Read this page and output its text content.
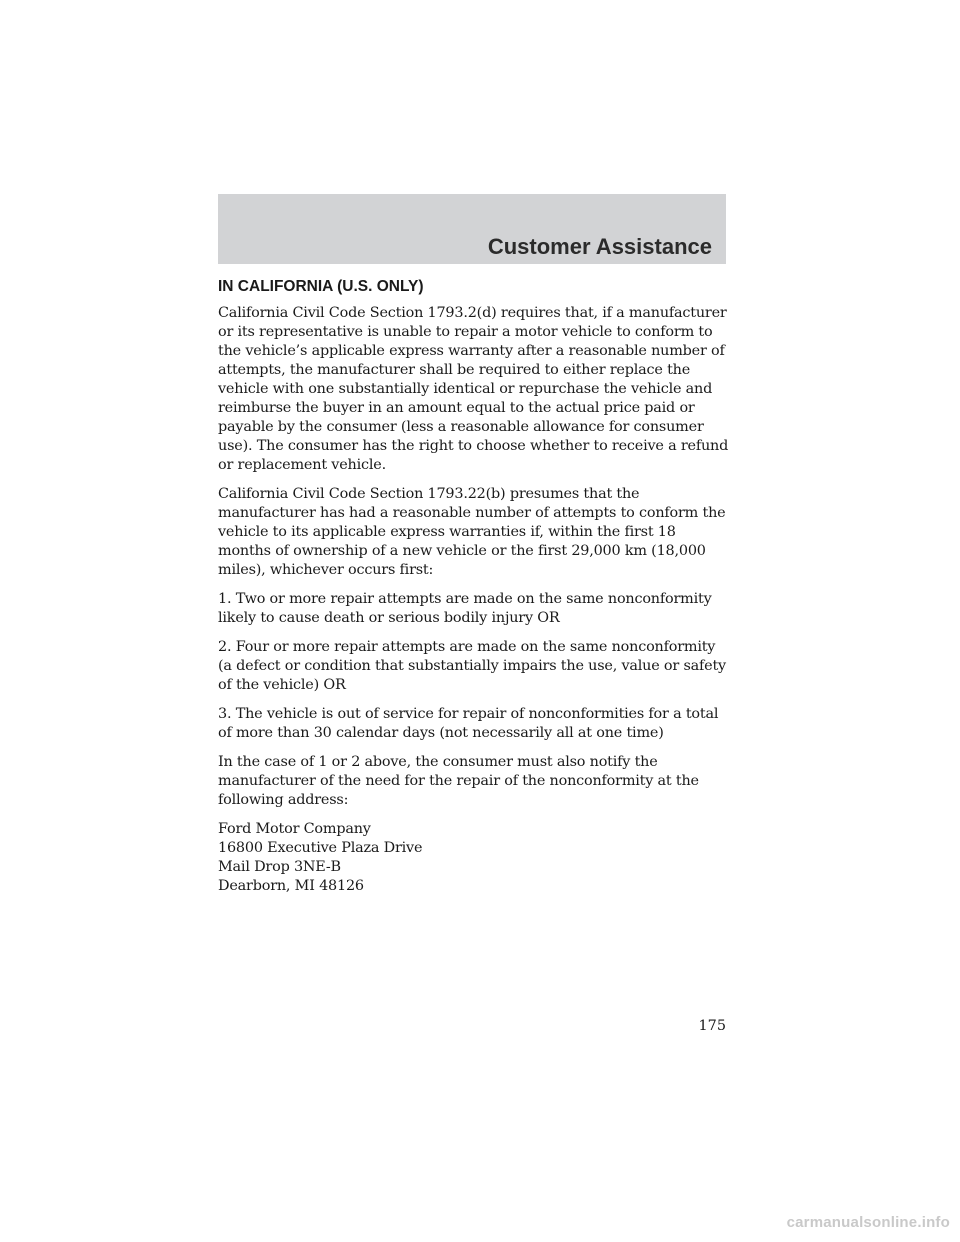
Customer Assistance
IN CALIFORNIA (U.S. ONLY)

California Civil Code Section 1793.2(d) requires that, if a manufacturer or its representative is unable to repair a motor vehicle to conform to the vehicle’s applicable express warranty after a reasonable number of attempts, the manufacturer shall be required to either replace the vehicle with one substantially identical or repurchase the vehicle and reimburse the buyer in an amount equal to the actual price paid or payable by the consumer (less a reasonable allowance for consumer use). The consumer has the right to choose whether to receive a refund or replacement vehicle.

California Civil Code Section 1793.22(b) presumes that the manufacturer has had a reasonable number of attempts to conform the vehicle to its applicable express warranties if, within the first 18 months of ownership of a new vehicle or the first 29,000 km (18,000 miles), whichever occurs first:

1. Two or more repair attempts are made on the same nonconformity likely to cause death or serious bodily injury OR

2. Four or more repair attempts are made on the same nonconformity (a defect or condition that substantially impairs the use, value or safety of the vehicle) OR

3. The vehicle is out of service for repair of nonconformities for a total of more than 30 calendar days (not necessarily all at one time)

In the case of 1 or 2 above, the consumer must also notify the manufacturer of the need for the repair of the nonconformity at the following address:

Ford Motor Company

16800 Executive Plaza Drive

Mail Drop 3NE-B

Dearborn, MI 48126

175

carmanualsonline.info
